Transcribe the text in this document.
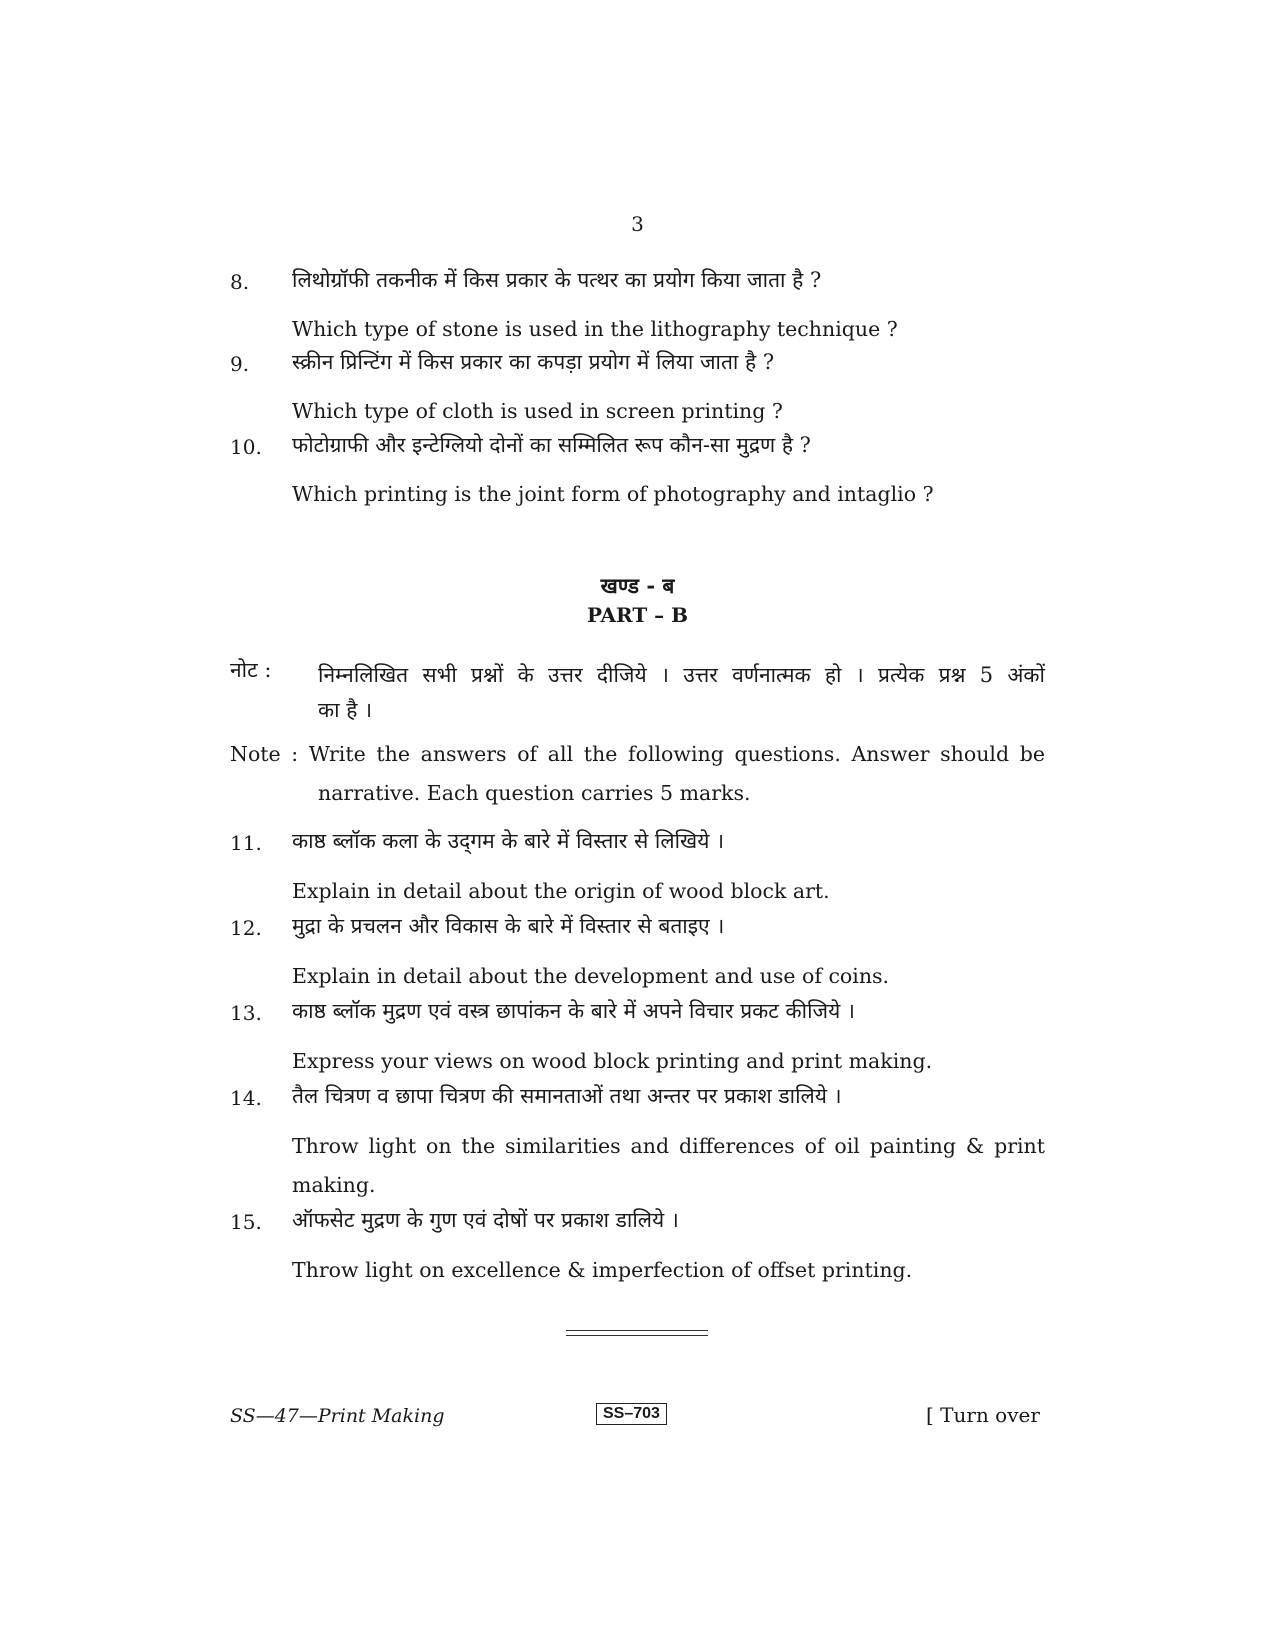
3
8. लिथोग्रॉफी तकनीक में किस प्रकार के पत्थर का प्रयोग किया जाता है ?
Which type of stone is used in the lithography technique ?
9. स्क्रीन प्रिन्टिंग में किस प्रकार का कपड़ा प्रयोग में लिया जाता है ?
Which type of cloth is used in screen printing ?
10. फोटोग्राफी और इन्टेग्लियो दोनों का सम्मिलित रूप कौन-सा मुद्रण है ?
Which printing is the joint form of photography and intaglio ?
खण्ड - ब
PART – B
नोट : निम्नलिखित सभी प्रश्नों के उत्तर दीजिये । उत्तर वर्णनात्मक हो । प्रत्येक प्रश्न 5 अंकों
का है ।
Note : Write the answers of all the following questions. Answer should be
narrative. Each question carries 5 marks.
11. काष्ठ ब्लॉक कला के उद्‌गम के बारे में विस्तार से लिखिये ।
Explain in detail about the origin of wood block art.
12. मुद्रा के प्रचलन और विकास के बारे में विस्तार से बताइए ।
Explain in detail about the development and use of coins.
13. काष्ठ ब्लॉक मुद्रण एवं वस्त्र छापांकन के बारे में अपने विचार प्रकट कीजिये ।
Express your views on wood block printing and print making.
14. तैल चित्रण व छापा चित्रण की समानताओं तथा अन्तर पर प्रकाश डालिये ।
Throw light on the similarities and differences of oil painting & print
making.
15. ऑफसेट मुद्रण के गुण एवं दोषों पर प्रकाश डालिये ।
Throw light on excellence & imperfection of offset printing.
SS—47—Print Making	SS–703	[ Turn over
